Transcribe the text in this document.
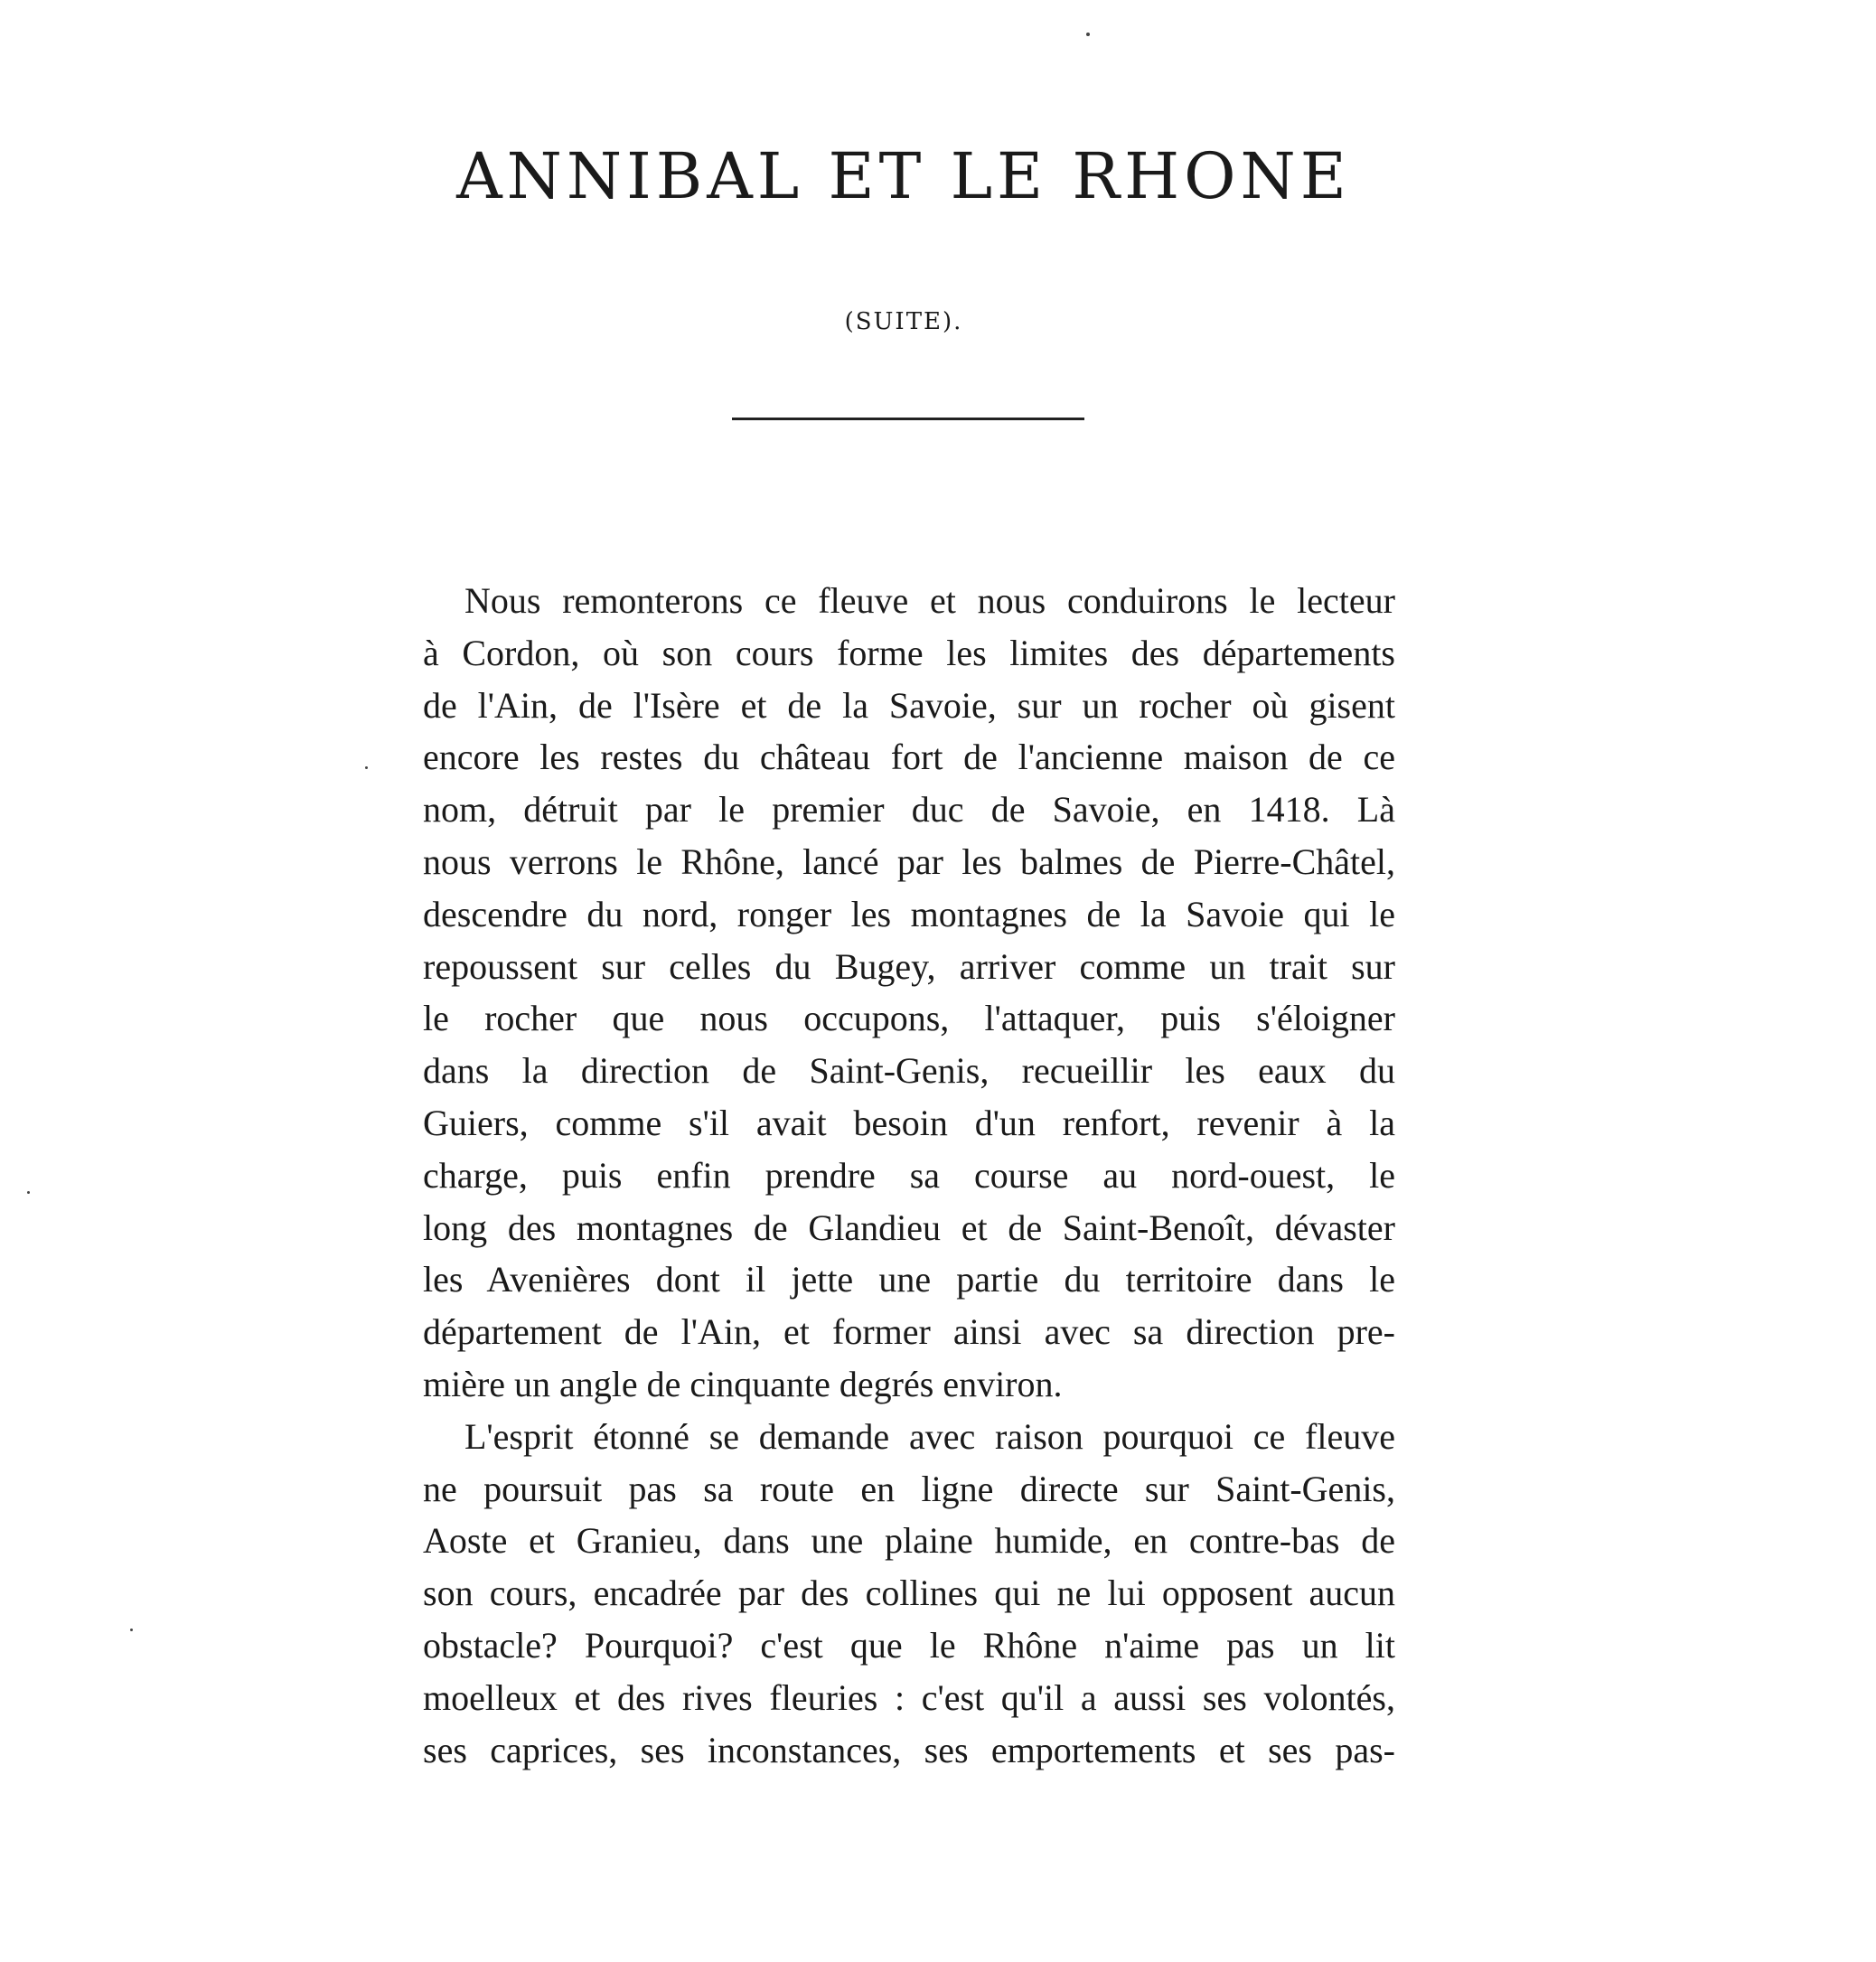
ANNIBAL ET LE RHONE

(SUITE).

Nous remonterons ce fleuve et nous conduirons le lecteur
à Cordon, où son cours forme les limites des départements
de l'Ain, de l'Isère et de la Savoie, sur un rocher où gisent
encore les restes du château fort de l'ancienne maison de ce
nom, détruit par le premier duc de Savoie, en 1418. Là
nous verrons le Rhône, lancé par les balmes de Pierre-Châtel,
descendre du nord, ronger les montagnes de la Savoie qui le
repoussent sur celles du Bugey, arriver comme un trait sur
le rocher que nous occupons, l'attaquer, puis s'éloigner
dans la direction de Saint-Genis, recueillir les eaux du
Guiers, comme s'il avait besoin d'un renfort, revenir à la
charge, puis enfin prendre sa course au nord-ouest, le
long des montagnes de Glandieu et de Saint-Benoît, dévaster
les Avenières dont il jette une partie du territoire dans le
département de l'Ain, et former ainsi avec sa direction pre-
mière un angle de cinquante degrés environ.
L'esprit étonné se demande avec raison pourquoi ce fleuve
ne poursuit pas sa route en ligne directe sur Saint-Genis,
Aoste et Granieu, dans une plaine humide, en contre-bas de
son cours, encadrée par des collines qui ne lui opposent aucun
obstacle? Pourquoi? c'est que le Rhône n'aime pas un lit
moelleux et des rives fleuries : c'est qu'il a aussi ses volontés,
ses caprices, ses inconstances, ses emportements et ses pas-
